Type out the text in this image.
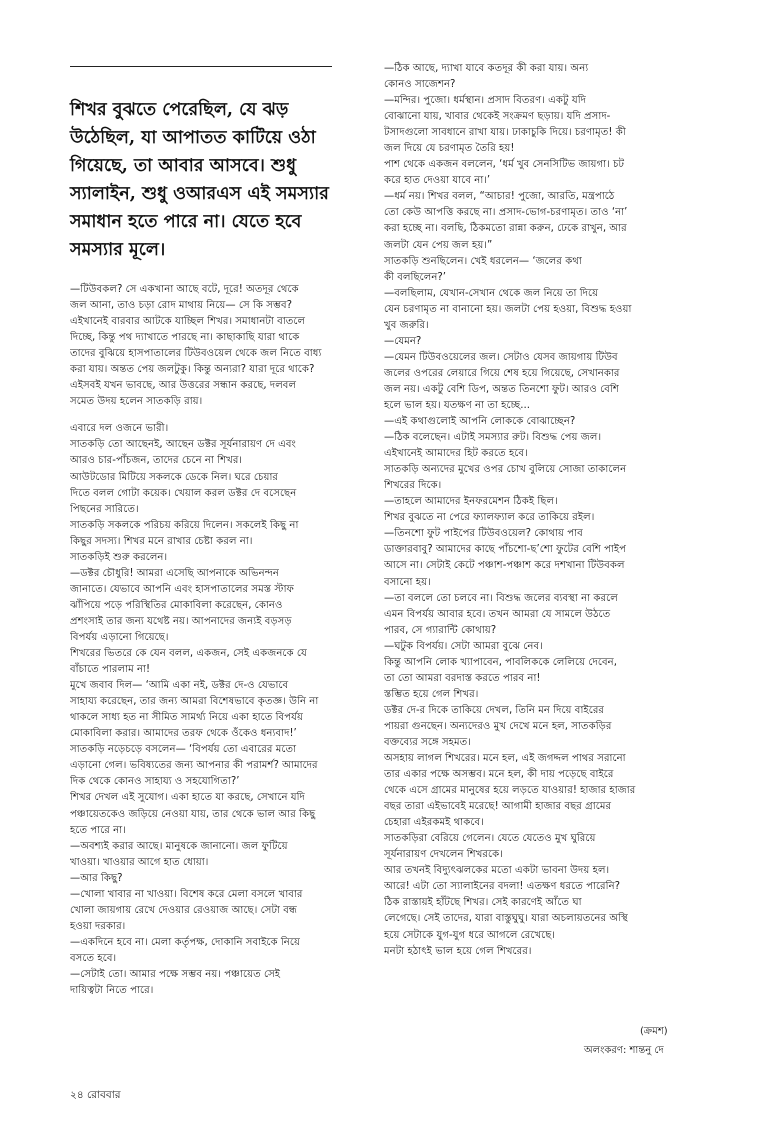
শিখর বুঝতে পেরেছিল, যে ঝড়
উঠেছিল, যা আপাতত কাটিয়ে ওঠা
গিয়েছে, তা আবার আসবে। শুধু
স্যালাইন, শুধু ওআরএস এই সমস্যার
সমাধান হতে পারে না। যেতে হবে
সমস্যার মূলে।
—টিউবকল? সে একখানা আছে বটে, দূরে! অতদূর থেকে
জল আনা, তাও চড়া রোদ মাথায় নিয়ে— সে কি সম্ভব?
এইখানেই বারবার আটকে যাচ্ছিল শিখর। সমাধানটা বাতলে
দিচ্ছে, কিন্তু পথ দ্যাখাতে পারছে না। কাছাকাছি যারা থাকে
তাদের বুঝিয়ে হাসপাতালের টিউবওয়েল থেকে জল নিতে বাধ্য
করা যায়। অন্তত পেয় জলটুকু। কিন্তু অন্যরা? যারা দূরে থাকে?
এইসবই যখন ভাবছে, আর উত্তরের সন্ধান করছে, দলবল
সমেত উদয় হলেন সাতকড়ি রায়।
এবারে দল ওজনে ভারী।
সাতকড়ি তো আছেনই, আছেন ডক্টর সূর্যনারায়ণ দে এবং
আরও চার-পাঁচজন, তাদের চেনে না শিখর।
আউটডোর মিটিয়ে সকলকে ডেকে নিল। ঘরে চেয়ার
দিতে বলল গোটা কয়েক। খেয়াল করল ডক্টর দে বসেছেন
পিছনের সারিতে।
সাতকড়ি সকলকে পরিচয় করিয়ে দিলেন। সকলেই কিছু না
কিছুর সদস্য। শিখর মনে রাখার চেষ্টা করল না।
সাতকড়িই শুরু করলেন।
—ডক্টর চৌধুরি! আমরা এসেছি আপনাকে অভিনন্দন
জানাতে। যেভাবে আপনি এবং হাসপাতালের সমস্ত স্টাফ
ঝাঁপিয়ে পড়ে পরিস্থিতির মোকাবিলা করেছেন, কোনও
প্রশংসাই তার জন্য যথেষ্ট নয়। আপনাদের জন্যই বড়সড়
বিপর্যয় এড়ানো গিয়েছে।
শিখরের ভিতরে কে যেন বলল, একজন, সেই একজনকে যে
বাঁচাতে পারলাম না!
মুখে জবাব দিল— ‘আমি একা নই, ডক্টর দে-ও যেভাবে
সাহায্য করেছেন, তার জন্য আমরা বিশেষভাবে কৃতজ্ঞ। উনি না
থাকলে সাধ্য হত না সীমিত সামর্থ্য নিয়ে একা হাতে বিপর্যয়
মোকাবিলা করার। আমাদের তরফ থেকে ওঁকেও ধন্যবাদ!’
সাতকড়ি নড়েচড়ে বসলেন— ‘বিপর্যয় তো এবারের মতো
এড়ানো গেল। ভবিষ্যতের জন্য আপনার কী পরামর্শ? আমাদের
দিক থেকে কোনও সাহায্য ও সহযোগিতা?’
শিখর দেখল এই সুযোগ। একা হাতে যা করছে, সেখানে যদি
পঞ্চায়েতকেও জড়িয়ে নেওয়া যায়, তার থেকে ভাল আর কিছু
হতে পারে না।
—অবশ্যই করার আছে। মানুষকে জানানো। জল ফুটিয়ে
খাওয়া। খাওয়ার আগে হাত ধোয়া।
—আর কিছু?
—খোলা খাবার না খাওয়া। বিশেষ করে মেলা বসলে খাবার
খোলা জায়গায় রেখে দেওয়ার রেওয়াজ আছে। সেটা বন্ধ
হওয়া দরকার।
—একদিনে হবে না। মেলা কর্তৃপক্ষ, দোকানি সবাইকে নিয়ে
বসতে হবে।
—সেটাই তো। আমার পক্ষে সম্ভব নয়। পঞ্চায়েত সেই
দায়িত্বটা নিতে পারে।
—ঠিক আছে, দ্যাখা যাবে কতদূর কী করা যায়। অন্য
কোনও সাজেশন?
—মন্দির। পুজো। ধর্মস্থান। প্রসাদ বিতরণ। একটু যদি
বোঝানো যায়, খাবার থেকেই সংক্রমণ ছড়ায়। যদি প্রসাদ-
টসাদগুলো সাবধানে রাখা যায়। ঢাকাচুকি দিয়ে। চরণামৃত! কী
জল দিয়ে যে চরণামৃত তৈরি হয়!
পাশ থেকে একজন বললেন, ‘ধর্ম খুব সেনসিটিভ জায়গা। চট
করে হাত দেওয়া যাবে না।’
—ধর্ম নয়। শিখর বলল, “আচার! পুজো, আরতি, মন্ত্রপাঠে
তো কেউ আপত্তি করছে না। প্রসাদ-ভোগ-চরণামৃত। তাও ‘না’
করা হচ্ছে না। বলছি, ঠিকমতো রান্না করুন, ঢেকে রাখুন, আর
জলটা যেন পেয় জল হয়।”
সাতকড়ি শুনছিলেন। খেই ধরলেন— ‘জলের কথা
কী বলছিলেন?’
—বলছিলাম, যেখান-সেখান থেকে জল নিয়ে তা দিয়ে
যেন চরণামৃত না বানানো হয়। জলটা পেয় হওয়া, বিশুদ্ধ হওয়া
খুব জরুরি।
—যেমন?
—যেমন টিউবওয়েলের জল। সেটাও যেসব জায়গায় টিউব
জলের ওপরের লেয়ারে গিয়ে শেষ হয়ে গিয়েছে, সেখানকার
জল নয়। একটু বেশি ডিপ, অন্তত তিনশো ফুট। আরও বেশি
হলে ভাল হয়। যতক্ষণ না তা হচ্ছে...
—এই কথাগুলোই আপনি লোককে বোঝাচ্ছেন?
—ঠিক বলেছেন। এটাই সমস্যার রুট। বিশুদ্ধ পেয় জল।
এইখানেই আমাদের হিট করতে হবে।
সাতকড়ি অন্যদের মুখের ওপর চোখ বুলিয়ে সোজা তাকালেন
শিখরের দিকে।
—তাহলে আমাদের ইনফরমেশন ঠিকই ছিল।
শিখর বুঝতে না পেরে ফ্যালফ্যাল করে তাকিয়ে রইল।
—তিনশো ফুট পাইপের টিউবওয়েল? কোথায় পাব
ডাক্তারবাবু? আমাদের কাছে পাঁচশো-ছ’শো ফুটের বেশি পাইপ
আসে না। সেটাই কেটে পঞ্চাশ-পঞ্চাশ করে দশখানা টিউবকল
বসানো হয়।
—তা বললে তো চলবে না। বিশুদ্ধ জলের ব্যবস্থা না করলে
এমন বিপর্যয় আবার হবে। তখন আমরা যে সামলে উঠতে
পারব, সে গ্যারান্টি কোথায়?
—ঘটুক বিপর্যয়। সেটা আমরা বুঝে নেব।
কিন্তু আপনি লোক খ্যাপাবেন, পাবলিককে লেলিয়ে দেবেন,
তা তো আমরা বরদাস্ত করতে পারব না!
স্তম্ভিত হয়ে গেল শিখর।
ডক্টর দে-র দিকে তাকিয়ে দেখল, তিনি মন দিয়ে বাইরের
পায়রা গুনছেন। অন্যদেরও মুখ দেখে মনে হল, সাতকড়ির
বক্তব্যের সঙ্গে সহমত।
অসহায় লাগল শিখরের। মনে হল, এই জগদ্দল পাথর সরানো
তার একার পক্ষে অসম্ভব। মনে হল, কী দায় পড়েছে বাইরে
থেকে এসে গ্রামের মানুষের হয়ে লড়তে যাওয়ার! হাজার হাজার
বছর তারা এইভাবেই মরেছে! আগামী হাজার বছর গ্রামের
চেহারা এইরকমই থাকবে।
সাতকড়িরা বেরিয়ে গেলেন। যেতে যেতেও মুখ ঘুরিয়ে
সূর্যনারায়ণ দেখলেন শিখরকে।
আর তখনই বিদ্যুৎঝলকের মতো একটা ভাবনা উদয় হল।
আরে! এটা তো স্যালাইনের বদলা! এতক্ষণ ধরতে পারেনি?
ঠিক রাস্তায়ই হাঁটছে শিখর। সেই কারণেই আঁতে ঘা
লেগেছে। সেই তাদের, যারা বাস্তুঘুঘু। যারা অচলায়তনের অস্থি
হয়ে সেটাকে যুগ-যুগ ধরে আগলে রেখেছে।
মনটা হঠাৎই ভাল হয়ে গেল শিখরের।
(ক্রমশ)
অলংকরণ: শান্তনু দে
২৪ রোববার
